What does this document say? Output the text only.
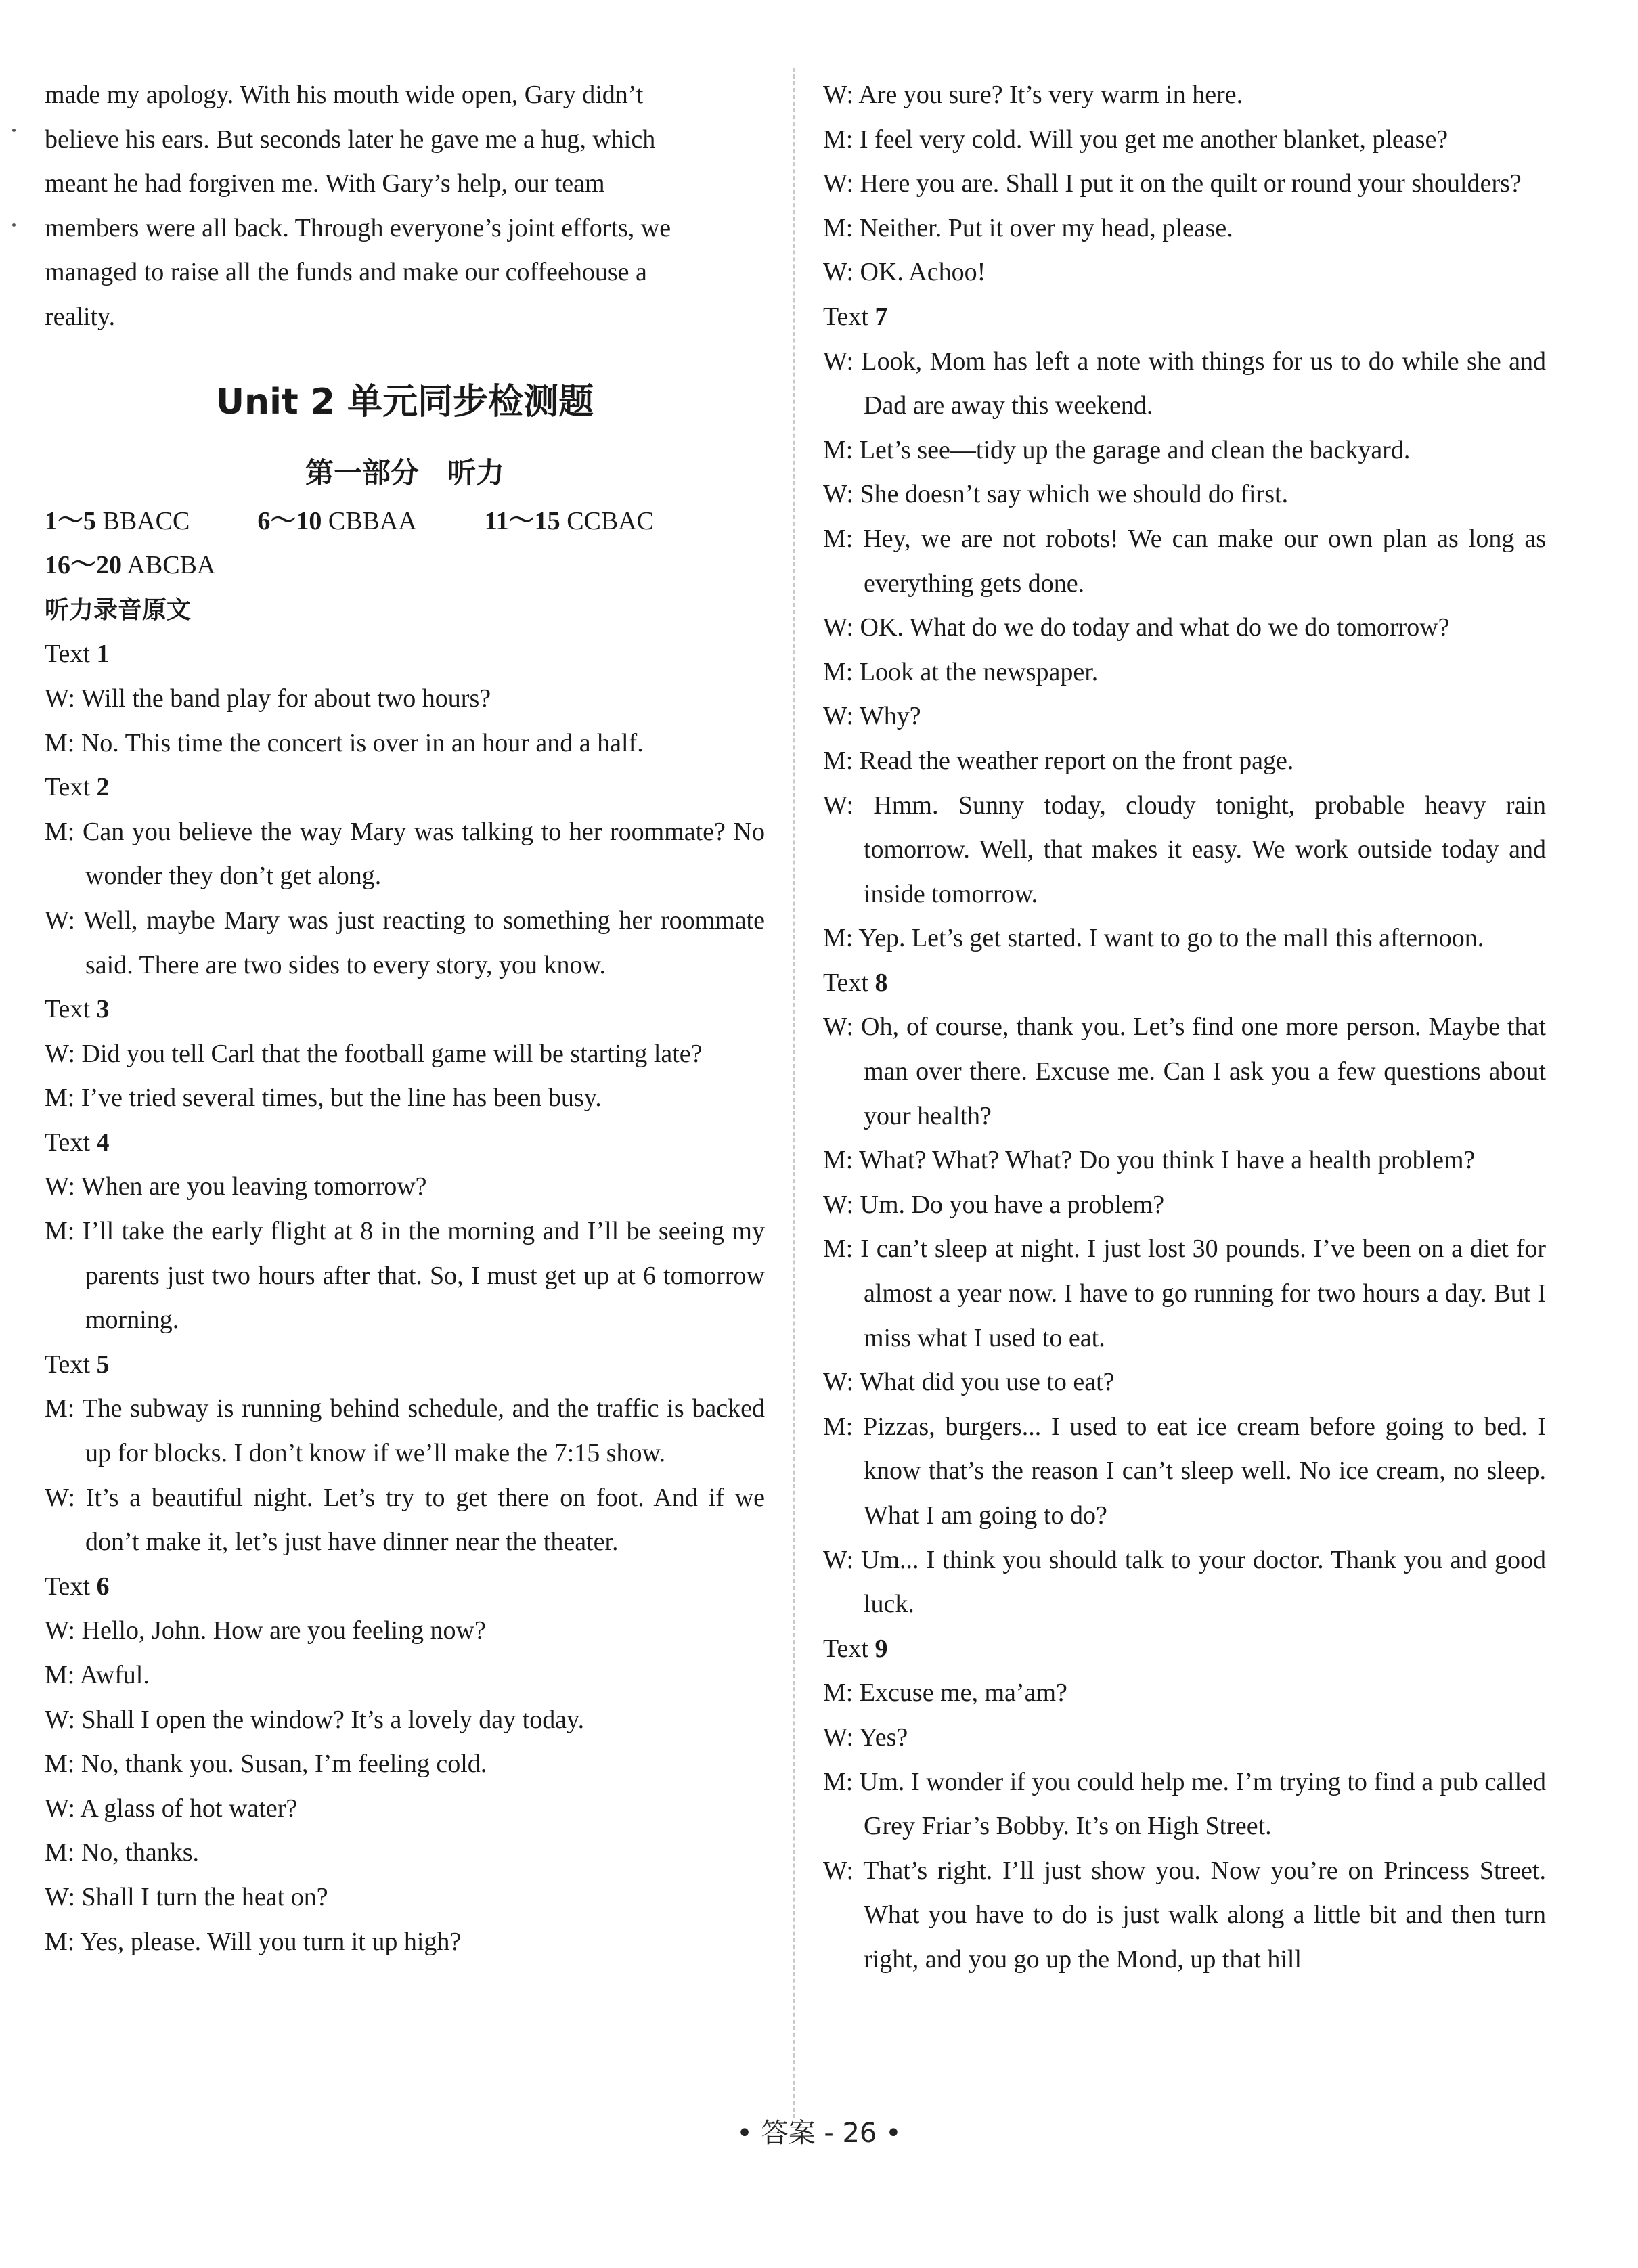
made my apology. With his mouth wide open, Gary didn’t

believe his ears. But seconds later he gave me a hug, which

meant he had forgiven me. With Gary’s help, our team

members were all back. Through everyone’s joint efforts, we

managed to raise all the funds and make our coffeehouse a

reality.

Unit 2 单元同步检测题
第一部分　听力

1～5 BBACC	6～10 CBBAA	11～15 CCBAC

16～20 ABCBA

听力录音原文

Text 1

W: Will the band play for about two hours?

M: No. This time the concert is over in an hour and a half.

Text 2

M: Can you believe the way Mary was talking to her roommate? No wonder they don’t get along.

W: Well, maybe Mary was just reacting to something her roommate said. There are two sides to every story, you know.

Text 3

W: Did you tell Carl that the football game will be starting late?

M: I’ve tried several times, but the line has been busy.

Text 4

W: When are you leaving tomorrow?

M: I’ll take the early flight at 8 in the morning and I’ll be seeing my parents just two hours after that. So, I must get up at 6 tomorrow morning.

Text 5

M: The subway is running behind schedule, and the traffic is backed up for blocks. I don’t know if we’ll make the 7:15 show.

W: It’s a beautiful night. Let’s try to get there on foot. And if we don’t make it, let’s just have dinner near the theater.

Text 6

W: Hello, John. How are you feeling now?

M: Awful.

W: Shall I open the window? It’s a lovely day today.

M: No, thank you. Susan, I’m feeling cold.

W: A glass of hot water?

M: No, thanks.

W: Shall I turn the heat on?

M: Yes, please. Will you turn it up high?

W: Are you sure? It’s very warm in here.

M: I feel very cold. Will you get me another blanket, please?

W: Here you are. Shall I put it on the quilt or round your shoulders?

M: Neither. Put it over my head, please.

W: OK. Achoo!

Text 7

W: Look, Mom has left a note with things for us to do while she and Dad are away this weekend.

M: Let’s see—tidy up the garage and clean the backyard.

W: She doesn’t say which we should do first.

M: Hey, we are not robots! We can make our own plan as long as everything gets done.

W: OK. What do we do today and what do we do tomorrow?

M: Look at the newspaper.

W: Why?

M: Read the weather report on the front page.

W: Hmm. Sunny today, cloudy tonight, probable heavy rain tomorrow. Well, that makes it easy. We work outside today and inside tomorrow.

M: Yep. Let’s get started. I want to go to the mall this afternoon.

Text 8

W: Oh, of course, thank you. Let’s find one more person. Maybe that man over there. Excuse me. Can I ask you a few questions about your health?

M: What? What? What? Do you think I have a health problem?

W: Um. Do you have a problem?

M: I can’t sleep at night. I just lost 30 pounds. I’ve been on a diet for almost a year now. I have to go running for two hours a day. But I miss what I used to eat.

W: What did you use to eat?

M: Pizzas, burgers... I used to eat ice cream before going to bed. I know that’s the reason I can’t sleep well. No ice cream, no sleep. What I am going to do?

W: Um... I think you should talk to your doctor. Thank you and good luck.

Text 9

M: Excuse me, ma’am?

W: Yes?

M: Um. I wonder if you could help me. I’m trying to find a pub called Grey Friar’s Bobby. It’s on High Street.

W: That’s right. I’ll just show you. Now you’re on Princess Street. What you have to do is just walk along a little bit and then turn right, and you go up the Mond, up that hill

• 答案 - 26 •
